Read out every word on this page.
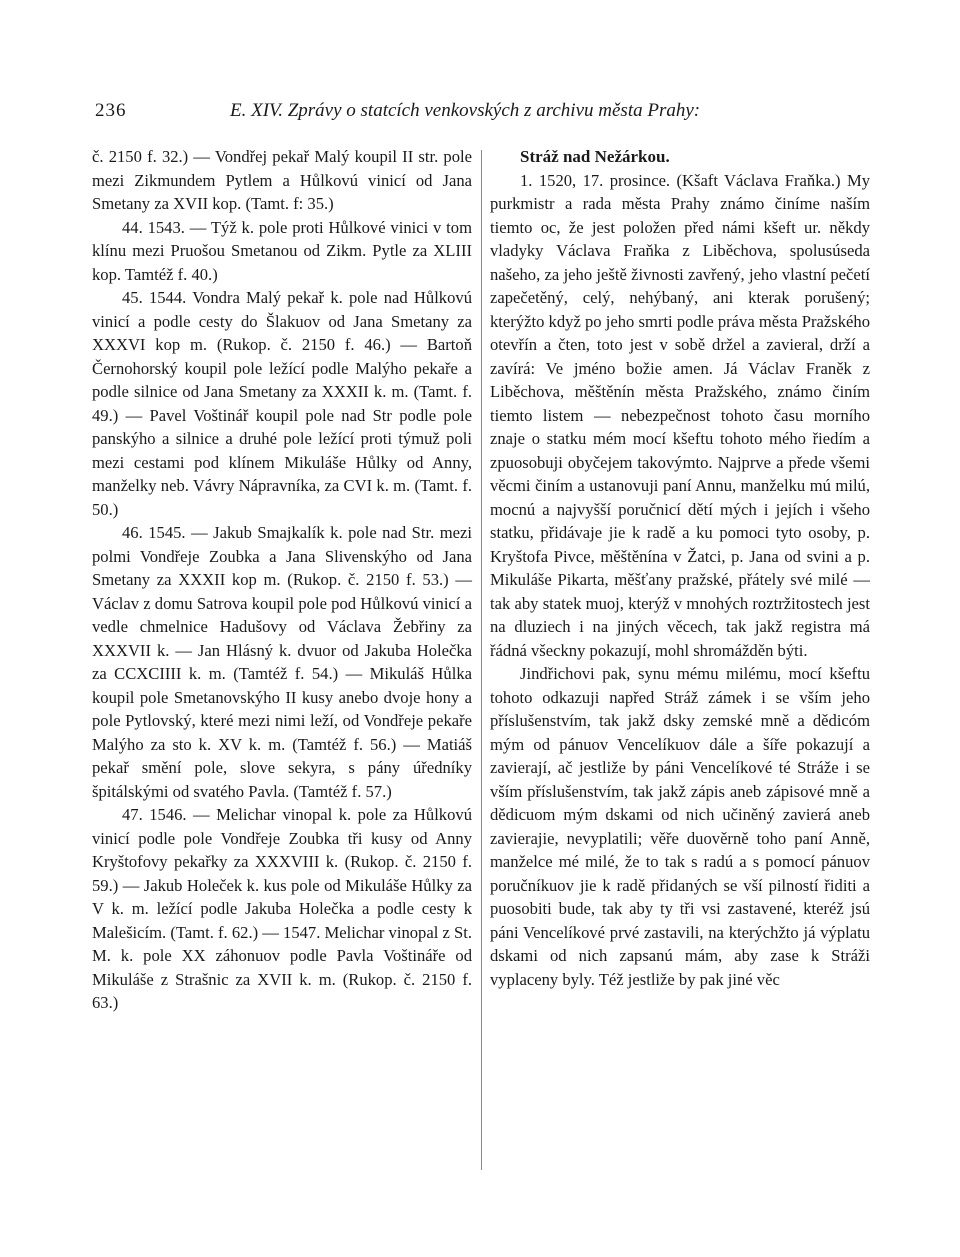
236	E. XIV. Zprávy o statcích venkovských z archivu města Prahy:

č. 2150 f. 32.) — Vondřej pekař Malý koupil II str. pole mezi Zikmundem Pytlem a Hůlkovú vinicí od Jana Smetany za XVII kop. (Tamt. f: 35.)

44. 1543. — Týž k. pole proti Hůlkové vinici v tom klínu mezi Pruošou Smetanou od Zikm. Pytle za XLIII kop. Tamtéž f. 40.)

45. 1544. Vondra Malý pekař k. pole nad Hůlkovú vinicí a podle cesty do Šlakuov od Jana Smetany za XXXVI kop m. (Rukop. č. 2150 f. 46.) — Bartoň Černohorský koupil pole ležící podle Malýho pekaře a podle silnice od Jana Smetany za XXXII k. m. (Tamt. f. 49.) — Pavel Voštinář koupil pole nad Str podle pole panskýho a silnice a druhé pole ležící proti týmuž poli mezi cestami pod klínem Mikuláše Hůlky od Anny, manželky neb. Vávry Nápravníka, za CVI k. m. (Tamt. f. 50.)

46. 1545. — Jakub Smajkalík k. pole nad Str. mezi polmi Vondřeje Zoubka a Jana Slivenskýho od Jana Smetany za XXXII kop m. (Rukop. č. 2150 f. 53.) — Václav z domu Satrova koupil pole pod Hůlkovú vinicí a vedle chmelnice Hadušovy od Václava Žebřiny za XXXVII k. — Jan Hlásný k. dvuor od Jakuba Holečka za CCXCIIII k. m. (Tamtéž f. 54.) — Mikuláš Hůlka koupil pole Smetanovskýho II kusy anebo dvoje hony a pole Pytlovský, které mezi nimi leží, od Vondřeje pekaře Malýho za sto k. XV k. m. (Tamtéž f. 56.) — Matiáš pekař smění pole, slove sekyra, s pány úředníky špitálskými od svatého Pavla. (Tamtéž f. 57.)

47. 1546. — Melichar vinopal k. pole za Hůlkovú vinicí podle pole Vondřeje Zoubka tři kusy od Anny Kryštofovy pekařky za XXXVIII k. (Rukop. č. 2150 f. 59.) — Jakub Holeček k. kus pole od Mikuláše Hůlky za V k. m. ležící podle Jakuba Holečka a podle cesty k Malešicím. (Tamt. f. 62.) — 1547. Melichar vinopal z St. M. k. pole XX záhonuov podle Pavla Voštináře od Mikuláše z Strašnic za XVII k. m. (Rukop. č. 2150 f. 63.)

Stráž nad Nežárkou.

1. 1520, 17. prosince. (Kšaft Václava Fraňka.) My purkmistr a rada města Prahy známo činíme naším tiemto oc, že jest položen před námi kšeft ur. někdy vladyky Václava Fraňka z Liběchova, spolusúseda našeho, za jeho ještě živnosti zavřený, jeho vlastní pečetí zapečetěný, celý, nehýbaný, ani kterak porušený; kterýžto když po jeho smrti podle práva města Pražského otevřín a čten, toto jest v sobě držel a zavieral, drží a zavírá: Ve jméno božie amen. Já Václav Franěk z Liběchova, měštěnín města Pražského, známo činím tiemto listem — nebezpečnost tohoto času morního znaje o statku mém mocí kšeftu tohoto mého řiedím a zpuosobuji obyčejem takovýmto. Najprve a přede všemi věcmi činím a ustanovuji paní Annu, manželku mú milú, mocnú a najvyšší poručnicí dětí mých i jejích i všeho statku, přidávaje jie k radě a ku pomoci tyto osoby, p. Kryštofa Pivce, měštěnína v Žatci, p. Jana od svini a p. Mikuláše Pikarta, měšťany pražské, přátely své milé — tak aby statek muoj, kterýž v mnohých roztržitostech jest na dluziech i na jiných věcech, tak jakž registra má řádná všeckny pokazují, mohl shromážděn býti.

Jindřichovi pak, synu mému milému, mocí kšeftu tohoto odkazuji napřed Stráž zámek i se vším jeho příslušenstvím, tak jakž dsky zemské mně a dědicóm mým od pánuov Vencelíkuov dále a šíře pokazují a zavierají, ač jestliže by páni Vencelíkové té Stráže i se vším příslušenstvím, tak jakž zápis aneb zápisové mně a dědicuom mým dskami od nich učiněný zavierá aneb zavierajie, nevyplatili; věře duověrně toho paní Anně, manželce mé milé, že to tak s radú a s pomocí pánuov poručníkuov jie k radě přidaných se vší pilností řiditi a puosobiti bude, tak aby ty tři vsi zastavené, kteréž jsú páni Vencelíkové prvé zastavili, na kterýchžto já výplatu dskami od nich zapsanú mám, aby zase k Stráži vyplaceny byly. Též jestliže by pak jiné věc
